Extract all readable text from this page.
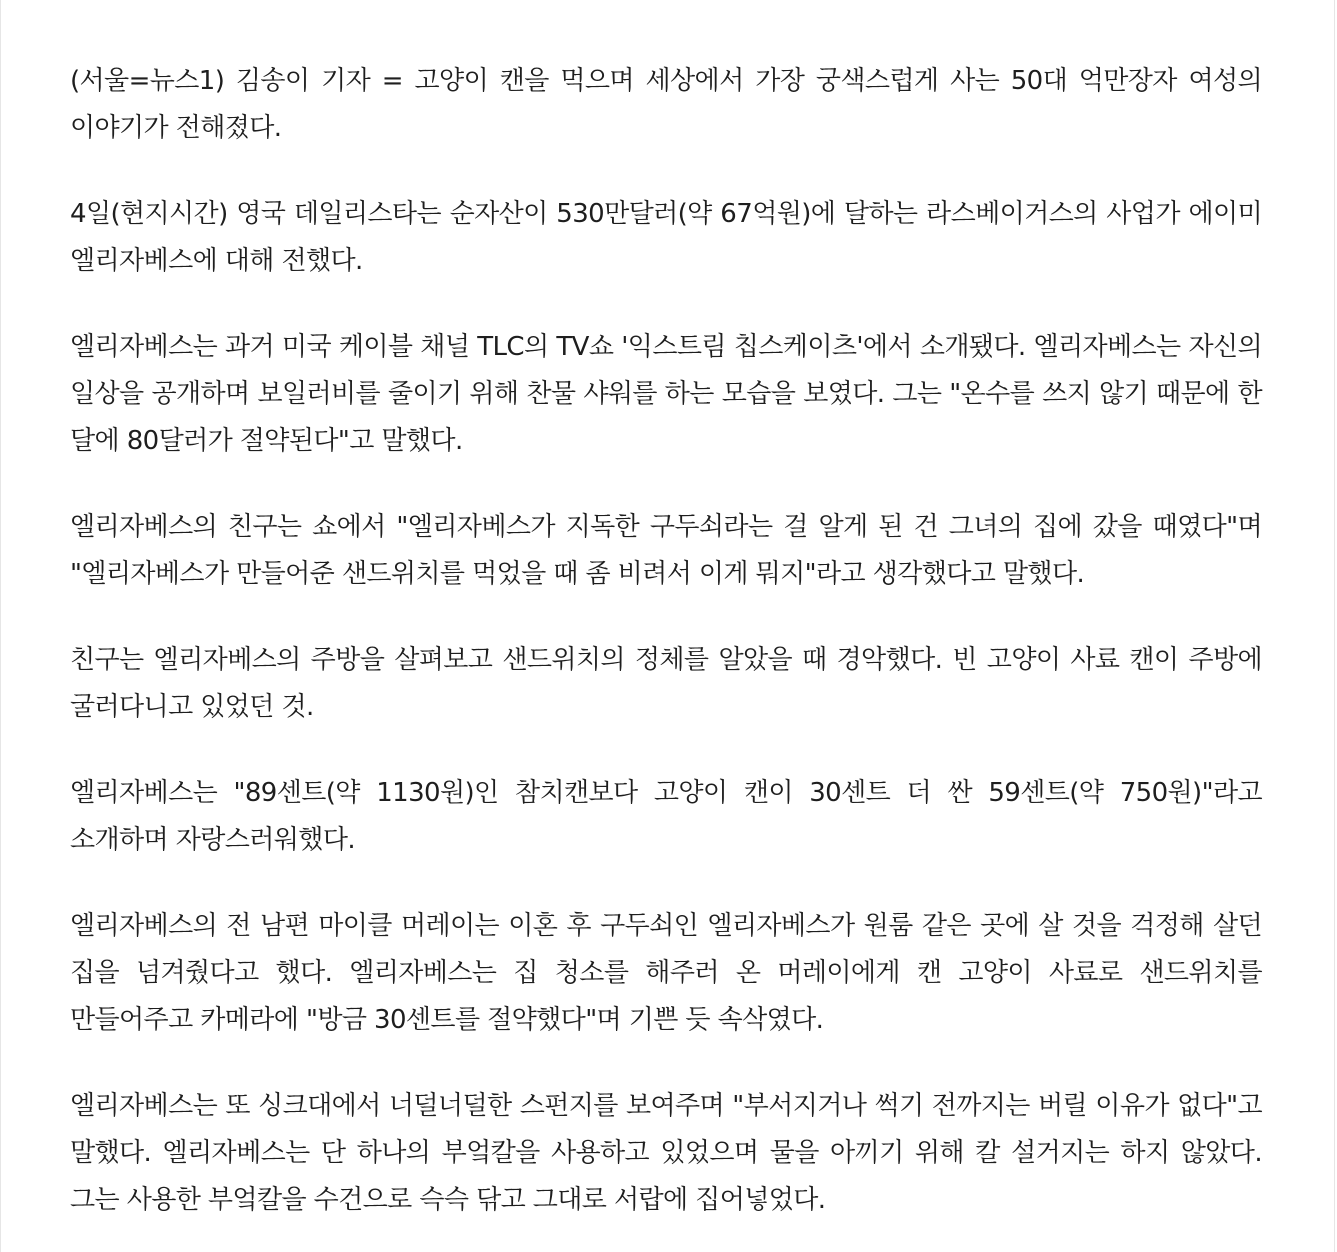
(서울=뉴스1) 김송이 기자 = 고양이 캔을 먹으며 세상에서 가장 궁색스럽게 사는 50대 억만장자 여성의 이야기가 전해졌다.

4일(현지시간) 영국 데일리스타는 순자산이 530만달러(약 67억원)에 달하는 라스베이거스의 사업가 에이미 엘리자베스에 대해 전했다.

엘리자베스는 과거 미국 케이블 채널 TLC의 TV쇼 '익스트림 칩스케이츠'에서 소개됐다. 엘리자베스는 자신의 일상을 공개하며 보일러비를 줄이기 위해 찬물 샤워를 하는 모습을 보였다. 그는 "온수를 쓰지 않기 때문에 한 달에 80달러가 절약된다"고 말했다.

엘리자베스의 친구는 쇼에서 "엘리자베스가 지독한 구두쇠라는 걸 알게 된 건 그녀의 집에 갔을 때였다"며 "엘리자베스가 만들어준 샌드위치를 먹었을 때 좀 비려서 이게 뭐지"라고 생각했다고 말했다.

친구는 엘리자베스의 주방을 살펴보고 샌드위치의 정체를 알았을 때 경악했다. 빈 고양이 사료 캔이 주방에 굴러다니고 있었던 것.

엘리자베스는 "89센트(약 1130원)인 참치캔보다 고양이 캔이 30센트 더 싼 59센트(약 750원)"라고 소개하며 자랑스러워했다.

엘리자베스의 전 남편 마이클 머레이는 이혼 후 구두쇠인 엘리자베스가 원룸 같은 곳에 살 것을 걱정해 살던 집을 넘겨줬다고 했다. 엘리자베스는 집 청소를 해주러 온 머레이에게 캔 고양이 사료로 샌드위치를 만들어주고 카메라에 "방금 30센트를 절약했다"며 기쁜 듯 속삭였다.

엘리자베스는 또 싱크대에서 너덜너덜한 스펀지를 보여주며 "부서지거나 썩기 전까지는 버릴 이유가 없다"고 말했다. 엘리자베스는 단 하나의 부엌칼을 사용하고 있었으며 물을 아끼기 위해 칼 설거지는 하지 않았다. 그는 사용한 부엌칼을 수건으로 슥슥 닦고 그대로 서랍에 집어넣었다.
